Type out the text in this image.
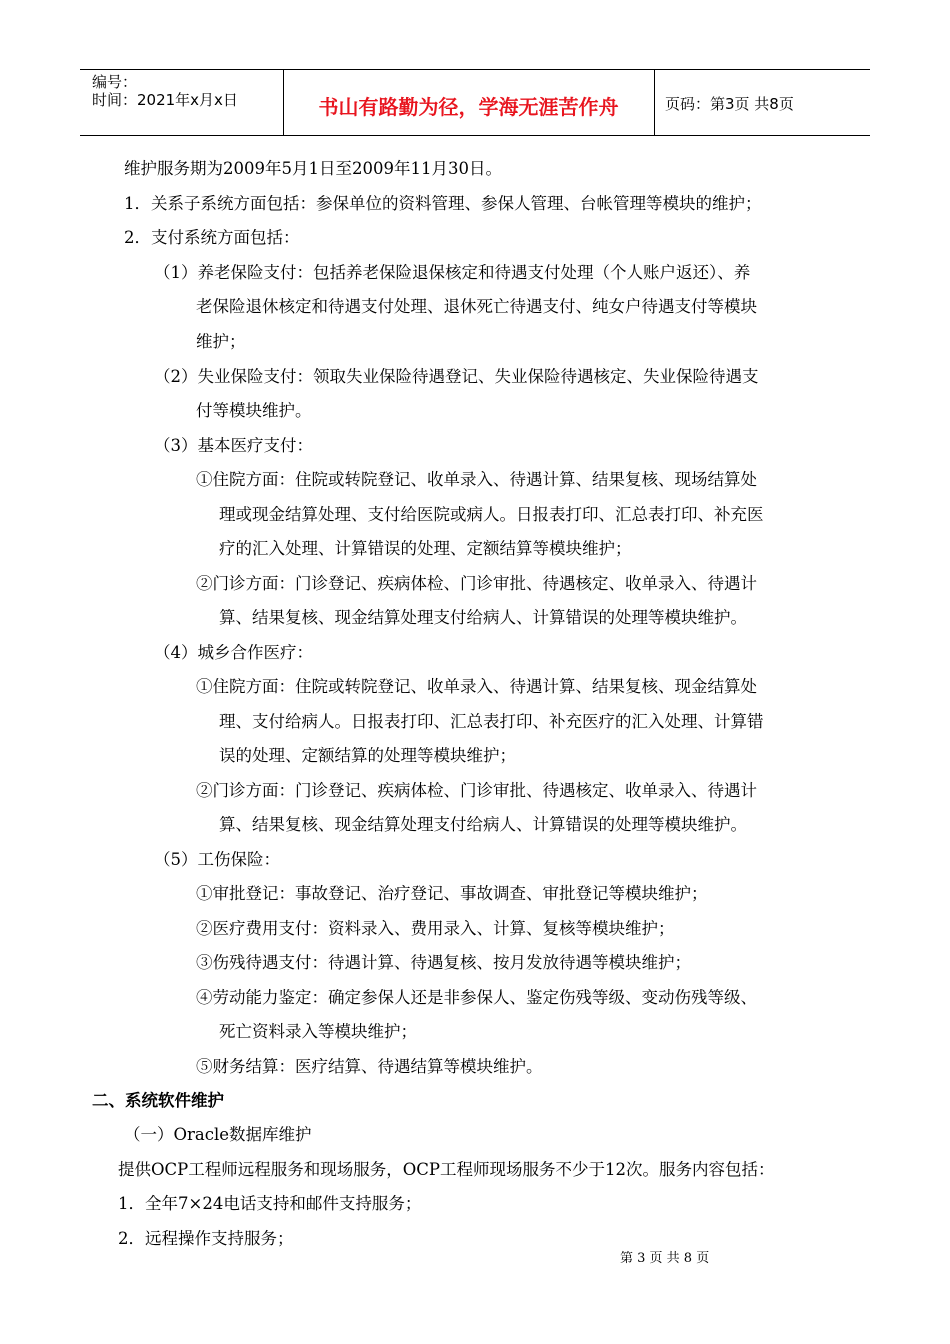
编号：
时间：2021年x月x日	书山有路勤为径，学海无涯苦作舟	页码：第3页 共8页
维护服务期为2009年5月1日至2009年11月30日。
1．关系子系统方面包括：参保单位的资料管理、参保人管理、台帐管理等模块的维护；
2．支付系统方面包括：
（1）养老保险支付：包括养老保险退保核定和待遇支付处理（个人账户返还）、养
老保险退休核定和待遇支付处理、退休死亡待遇支付、纯女户待遇支付等模块
维护；
（2）失业保险支付：领取失业保险待遇登记、失业保险待遇核定、失业保险待遇支
付等模块维护。
（3）基本医疗支付：
①住院方面：住院或转院登记、收单录入、待遇计算、结果复核、现场结算处
理或现金结算处理、支付给医院或病人。日报表打印、汇总表打印、补充医
疗的汇入处理、计算错误的处理、定额结算等模块维护；
②门诊方面：门诊登记、疾病体检、门诊审批、待遇核定、收单录入、待遇计
算、结果复核、现金结算处理支付给病人、计算错误的处理等模块维护。
（4）城乡合作医疗：
①住院方面：住院或转院登记、收单录入、待遇计算、结果复核、现金结算处
理、支付给病人。日报表打印、汇总表打印、补充医疗的汇入处理、计算错
误的处理、定额结算的处理等模块维护；
②门诊方面：门诊登记、疾病体检、门诊审批、待遇核定、收单录入、待遇计
算、结果复核、现金结算处理支付给病人、计算错误的处理等模块维护。
（5）工伤保险：
①审批登记：事故登记、治疗登记、事故调查、审批登记等模块维护；
②医疗费用支付：资料录入、费用录入、计算、复核等模块维护；
③伤残待遇支付：待遇计算、待遇复核、按月发放待遇等模块维护；
④劳动能力鉴定：确定参保人还是非参保人、鉴定伤残等级、变动伤残等级、
死亡资料录入等模块维护；
⑤财务结算：医疗结算、待遇结算等模块维护。
二、系统软件维护
（一）Oracle数据库维护
提供OCP工程师远程服务和现场服务，OCP工程师现场服务不少于12次。服务内容包括：
1．全年7×24电话支持和邮件支持服务；
2．远程操作支持服务；
第 3 页 共 8 页
